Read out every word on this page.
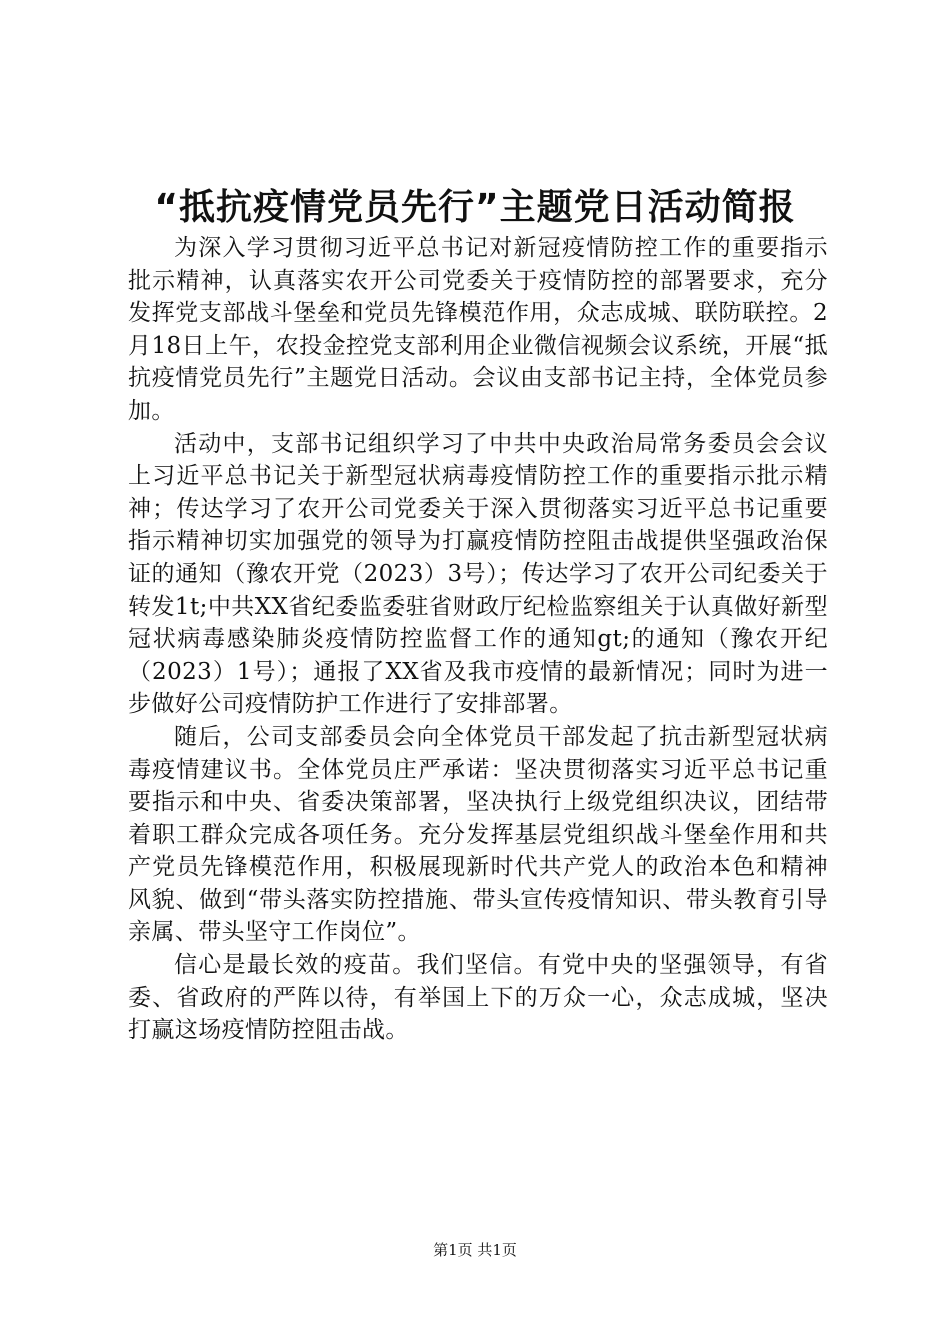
“抵抗疫情党员先行”主题党日活动简报

为深入学习贯彻习近平总书记对新冠疫情防控工作的重要指示批示精神，认真落实农开公司党委关于疫情防控的部署要求，充分发挥党支部战斗堡垒和党员先锋模范作用，众志成城、联防联控。2月18日上午，农投金控党支部利用企业微信视频会议系统，开展“抵抗疫情党员先行”主题党日活动。会议由支部书记主持，全体党员参加。

活动中，支部书记组织学习了中共中央政治局常务委员会会议上习近平总书记关于新型冠状病毒疫情防控工作的重要指示批示精神；传达学习了农开公司党委关于深入贯彻落实习近平总书记重要指示精神切实加强党的领导为打赢疫情防控阻击战提供坚强政治保证的通知（豫农开党（2023）3号）；传达学习了农开公司纪委关于转发1t;中共XX省纪委监委驻省财政厅纪检监察组关于认真做好新型冠状病毒感染肺炎疫情防控监督工作的通知gt;的通知（豫农开纪（2023）1号）；通报了XX省及我市疫情的最新情况；同时为进一步做好公司疫情防护工作进行了安排部署。

随后，公司支部委员会向全体党员干部发起了抗击新型冠状病毒疫情建议书。全体党员庄严承诺：坚决贯彻落实习近平总书记重要指示和中央、省委决策部署，坚决执行上级党组织决议，团结带着职工群众完成各项任务。充分发挥基层党组织战斗堡垒作用和共产党员先锋模范作用，积极展现新时代共产党人的政治本色和精神风貌、做到“带头落实防控措施、带头宣传疫情知识、带头教育引导亲属、带头坚守工作岗位”。

信心是最长效的疫苗。我们坚信。有党中央的坚强领导，有省委、省政府的严阵以待，有举国上下的万众一心，众志成城，坚决打赢这场疫情防控阻击战。

第1页 共1页
